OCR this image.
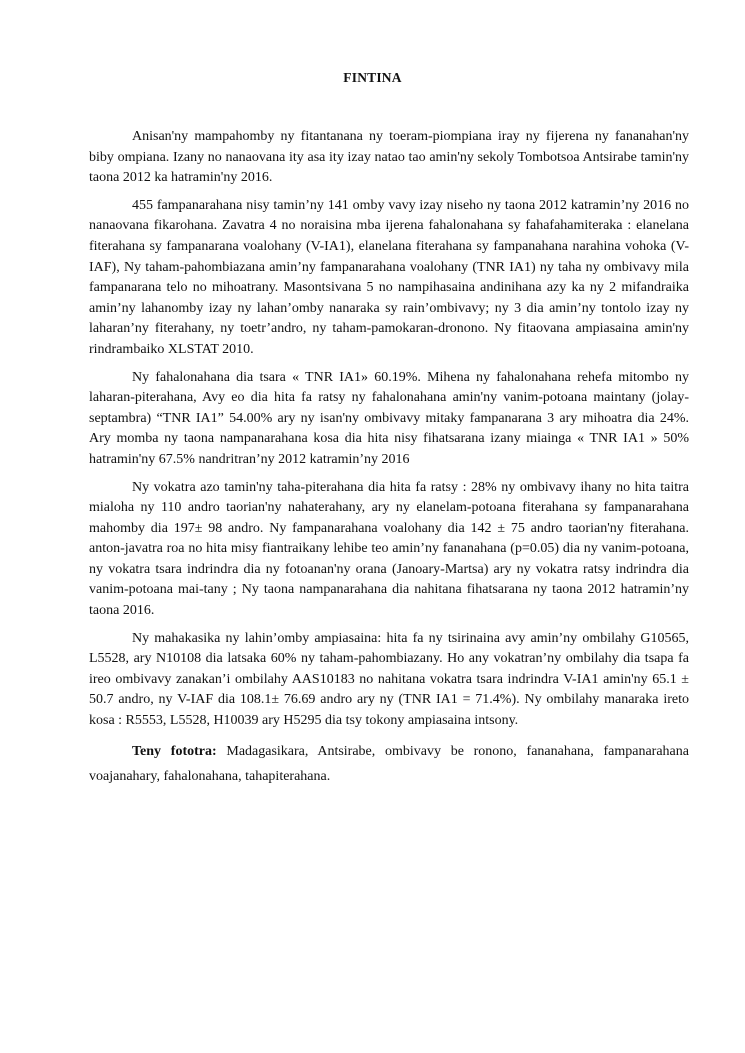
FINTINA

Anisan'ny mampahomby ny fitantanana ny toeram-piompiana iray ny fijerena ny fananahan'ny biby ompiana. Izany no nanaovana ity asa ity izay natao tao amin'ny sekoly Tombotsoa Antsirabe tamin'ny taona 2012 ka hatramin'ny 2016.

455 fampanarahana nisy tamin’ny 141 omby vavy izay niseho ny taona 2012 katramin’ny 2016 no nanaovana fikarohana. Zavatra 4 no noraisina mba ijerena fahalonahana sy fahafahamiteraka : elanelana fiterahana sy fampanarana voalohany (V-IA1), elanelana fiterahana sy fampanahana narahina vohoka (V-IAF), Ny taham-pahombiazana amin’ny fampanarahana voalohany (TNR IA1) ny taha ny ombivavy mila fampanarana telo no mihoatrany. Masontsivana 5 no nampihasaina andinihana azy ka ny 2 mifandraika amin’ny lahanomby izay ny lahan’omby nanaraka sy rain’ombivavy; ny 3 dia amin’ny tontolo izay ny laharan’ny fiterahany, ny toetr’andro, ny taham-pamokaran-dronono. Ny fitaovana ampiasaina amin'ny rindrambaiko XLSTAT 2010.

Ny fahalonahana dia tsara « TNR IA1» 60.19%. Mihena ny fahalonahana rehefa mitombo ny laharan-piterahana, Avy eo dia hita fa ratsy ny fahalonahana amin'ny vanim-potoana maintany (jolay-septambra) “TNR IA1” 54.00% ary ny isan'ny ombivavy mitaky fampanarana 3 ary mihoatra dia 24%. Ary momba ny taona nampanarahana kosa dia hita nisy fihatsarana izany miainga « TNR IA1 » 50% hatramin'ny 67.5% nandritran’ny 2012 katramin’ny 2016

Ny vokatra azo tamin'ny taha-piterahana dia hita fa ratsy : 28% ny ombivavy ihany no hita taitra mialoha ny 110 andro taorian'ny nahaterahany, ary ny elanelam-potoana fiterahana sy fampanarahana mahomby dia 197± 98 andro. Ny fampanarahana voalohany dia 142 ± 75 andro taorian'ny fiterahana. anton-javatra roa no hita misy fiantraikany lehibe teo amin’ny fananahana (p=0.05) dia ny vanim-potoana, ny vokatra tsara indrindra dia ny fotoanan'ny orana (Janoary-Martsa) ary ny vokatra ratsy indrindra dia vanim-potoana mai-tany ; Ny taona nampanarahana dia nahitana fihatsarana ny taona 2012 hatramin’ny taona 2016.

Ny mahakasika ny lahin’omby ampiasaina: hita fa ny tsirinaina avy amin’ny ombilahy G10565, L5528, ary N10108 dia latsaka 60% ny taham-pahombiazany. Ho any vokatran’ny ombilahy dia tsapa fa ireo ombivavy zanakan’i ombilahy AAS10183 no nahitana vokatra tsara indrindra V-IA1 amin'ny 65.1 ± 50.7 andro, ny V-IAF dia 108.1± 76.69 andro ary ny (TNR IA1 = 71.4%). Ny ombilahy manaraka ireto kosa : R5553, L5528, H10039 ary H5295 dia tsy tokony ampiasaina intsony.

Teny fototra: Madagasikara, Antsirabe, ombivavy be ronono, fananahana, fampanarahana voajanahary, fahalonahana, tahapiterahana.
